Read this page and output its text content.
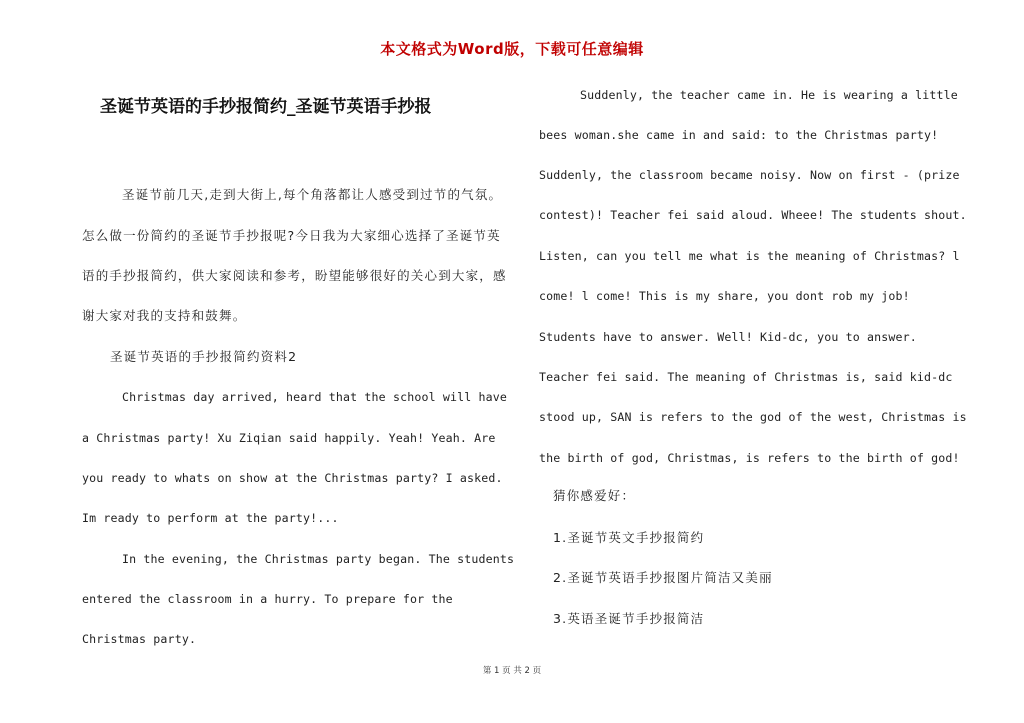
本文格式为Word版，下载可任意编辑
圣诞节英语的手抄报简约_圣诞节英语手抄报
圣诞节前几天,走到大街上,每个角落都让人感受到过节的气氛。
怎么做一份简约的圣诞节手抄报呢?今日我为大家细心选择了圣诞节英
语的手抄报简约，供大家阅读和参考，盼望能够很好的关心到大家，感
谢大家对我的支持和鼓舞。
圣诞节英语的手抄报简约资料2
Christmas day arrived, heard that the school will have
a Christmas party! Xu Ziqian said happily. Yeah! Yeah. Are
you ready to whats on show at the Christmas party? I asked.
Im ready to perform at the party!...
In the evening, the Christmas party began. The students
entered the classroom in a hurry. To prepare for the
Christmas party.
Suddenly, the teacher came in. He is wearing a little
bees woman.she came in and said: to the Christmas party!
Suddenly, the classroom became noisy. Now on first - (prize
contest)! Teacher fei said aloud. Wheee! The students shout.
Listen, can you tell me what is the meaning of Christmas? l
come! l come! This is my share, you dont rob my job!
Students have to answer. Well! Kid-dc, you to answer.
Teacher fei said. The meaning of Christmas is, said kid-dc
stood up, SAN is refers to the god of the west, Christmas is
the birth of god, Christmas, is refers to the birth of god!
猜你感爱好：
1.圣诞节英文手抄报简约
2.圣诞节英语手抄报图片简洁又美丽
3.英语圣诞节手抄报简洁
第 1 页 共 2 页
